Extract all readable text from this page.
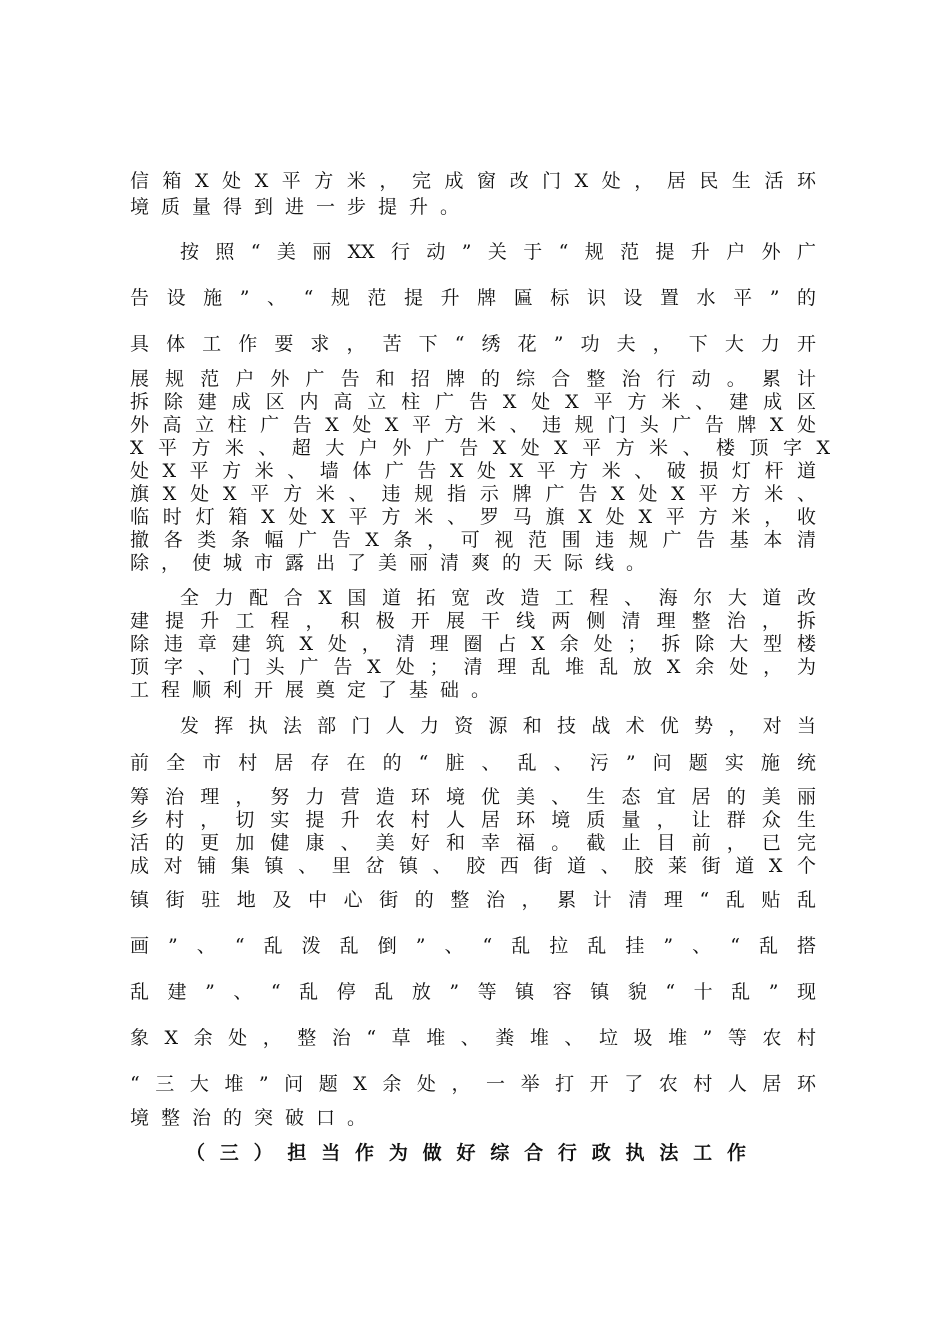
信箱X处X平方米，完成窗改门X处，居民生活环
境质量得到进一步提升。
按照“美丽XX行动”关于“规范提升户外广
告设施”、“规范提升牌匾标识设置水平”的
具体工作要求，苦下“绣花”功夫，下大力开
展规范户外广告和招牌的综合整治行动。累计
拆除建成区内高立柱广告X处X平方米、建成区
外高立柱广告X处X平方米、违规门头广告牌X处
X平方米、超大户外广告X处X平方米、楼顶字X
处X平方米、墙体广告X处X平方米、破损灯杆道
旗X处X平方米、违规指示牌广告X处X平方米、
临时灯箱X处X平方米、罗马旗X处X平方米，收
撤各类条幅广告X条，可视范围违规广告基本清
除，使城市露出了美丽清爽的天际线。
全力配合X国道拓宽改造工程、海尔大道改
建提升工程，积极开展干线两侧清理整治，拆
除违章建筑X处，清理圈占X余处；拆除大型楼
顶字、门头广告X处；清理乱堆乱放X余处，为
工程顺利开展奠定了基础。
发挥执法部门人力资源和技战术优势，对当
前全市村居存在的“脏、乱、污”问题实施统
筹治理，努力营造环境优美、生态宜居的美丽
乡村，切实提升农村人居环境质量，让群众生
活的更加健康、美好和幸福。截止目前，已完
成对铺集镇、里岔镇、胶西街道、胶莱街道X个
镇街驻地及中心街的整治，累计清理“乱贴乱
画”、“乱泼乱倒”、“乱拉乱挂”、“乱搭
乱建”、“乱停乱放”等镇容镇貌“十乱”现
象X余处，整治“草堆、粪堆、垃圾堆”等农村
“三大堆”问题X余处，一举打开了农村人居环
境整治的突破口。
（三）担当作为做好综合行政执法工作
